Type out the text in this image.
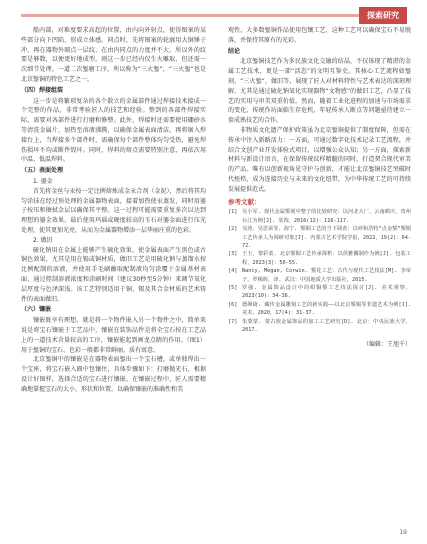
探索研究

船内部，对难度要求高起的位置，由内向外射点，使得图案的某些部分向下凹陷，形成立体感。同点时，先将图案的轮廓用大铜锤子冲，再在器物外圈点一层纹，在由内同点的力度并不大，所以外的纹要是够数，以便更好地成型。则这一步已经内仅生火雕取，但还需一次细节处理。一道二次錾磨工序，所以称为“三火錾”，“三火錾”也是北京錾铜的特色工艺之一。

（四）焊接组装

这一步是将繁琐复杂的各个散立的金属部件通过焊接技术接成一个完整的作品，非常考验匠人的技艺和经验。整到的各部件焊接实际，需要对各部件进行打磨和修整。此外，焊接时还需要使用硼砂水等清洗金属片，加热至溶液沸腾，以确保金属表面清洁，再将锯入焊接台上，当焊接多个部件时，需确保每个部件整体均匀受热，避免焊伤损坏不均或断件毁坏。同时，焊料的熔点需要特别注意，再依次用中温、低温焊料。

（五）表面处理

1. 鎏金

首先将金丝与汞按一定比例熔炼成金汞合剂（金泥），然后将其均匀涂抹在经过预处理的金属器物表面，接着加热使汞蒸发，同时用鎏子按压和擦拭金层以确保其平整。这一过程可能需要重复多次以达到理想的鎏金效果。最后使用玛瑙或硬度较高的玉石对鎏金面进行压光处理，使其更加光亮，从而为金属器物增添一层华丽庄重的色彩。

2. 做旧

硫化钠用在金属上能够产生硫化效果，使金属表面产生黑色或古铜色效果，尤其是用在锡或铜材质，做旧工艺是用硫化钠与蒸馏水按比例配制的溶液，并使用手毛刷蘸取配制液均匀涂覆于金属基材表面，通过控制溶液浓度和涂刷时间（建议30秒至5分钟）来调节氧化层厚度与色泽深浅。该工艺特别适用于铜、锡及其合金材质的艺术铸件的表面做旧。

（六）镶嵌

镶嵌既享有理想，就是将一个物件嵌入另一个物件之中，简单来说是将宝石镶嵌于工艺品中，镶嵌在装饰品件是将全宝石按在工艺品上的一道技术含量较高的工序，镶嵌能起到画龙点睛的作用。（图1）用于錾铜的宝石、色彩一般都非常鲜丽，质有寓意。

北京錾铜中的镶嵌是在器物表面錾出一个宝石槽，或单独焊出一个宝座，将宝石嵌入圈中包镶住，具体步骤如下：打磨抛光石，根据设计好图样，选择合适的宝石进行镶嵌。在镶嵌过程中，匠人需要精确地掌握宝石的大小、形状和位置，以确保镶嵌的准确性和美

观性。大多数錾铜作品使用包镶工艺，这种工艺可以确保宝石不易脱落，并保持其原有的光彩。

结论

北京錾铜技艺作为多民族文化交融的结晶，不仅体现了精湛的金属工艺技术，更是一部“活态”的文明互鉴史。其核心工艺流程如錾刻、“三火錾”、做旧等，展现了匠人对材料特性与艺术表达的深刻理解，尤其是通过硫化钠氧化实现器物“文物感”的做旧工艺，凸显了技艺的实用与审美双重价值。然而，随着工业化进程的加速与市场需求的变化，传统作坊面临生存危机，年轻传承人断点等问题亟待建立一套成熟技艺的合作。

非物质文化遗产保护政策虽为北京錾铜提供了制度保障，但需在传承中注入新路活力：一方面，可通过数字化技术记录工艺流程，并结合文创产业开发体验式项目，以增强公众认知；另一方面，探索新材料与新设计语言，在保留传统纹样精髓的同时，打造契合现代审美的产品。唯有以创新视角见守护与创新，才能让北京錾铜技艺突破时代桎梏，成为连接历史与未来的文化纽带，为中华传统工艺的可持续发展提供范式。

参考文献：
[1] 吴小军. 现代金属錾刻中整子的比较研究：以河北大厂、云南鹤庆、贵州台江为例[J]. 装饰，2016(12)：116-117.
[2] 吴涛，吴思荣等，海宁. 錾铜工艺的当下调查：以呼和浩特“点金錾”錾铜工艺传承人为调研对象[J]. 内蒙古艺术学院学报，2022，19(2)：64-72.
[3] 王玉，黎彩柔. 北京錾铜工艺传承探析：以侯雅馨制作为例[J]. 包装工程，2023(3)：50-55.
[4] Nancy, Megan, Corwin. 錾花工艺：古代与现代工艺技法[M]. 李帝子，罗稀晖，译. 武汉：中国地质大学出版社，2015.
[5] 罗强. 金属饰品设计中的绀铜錾工艺技法探讨[J]. 美术观察，2023(10)：34-36.
[6] 德颜绮. 藏传金属雕刻工艺的新实践——以北京錾铜等非遗艺术为例[J]. 美术，2020，17(4)：31-37.
[7] 朱蒙蒙. 蒙古族金属饰品的加工工艺研究[D]. 北京：中央民族大学，2017.
（编辑：王旭千）
19
